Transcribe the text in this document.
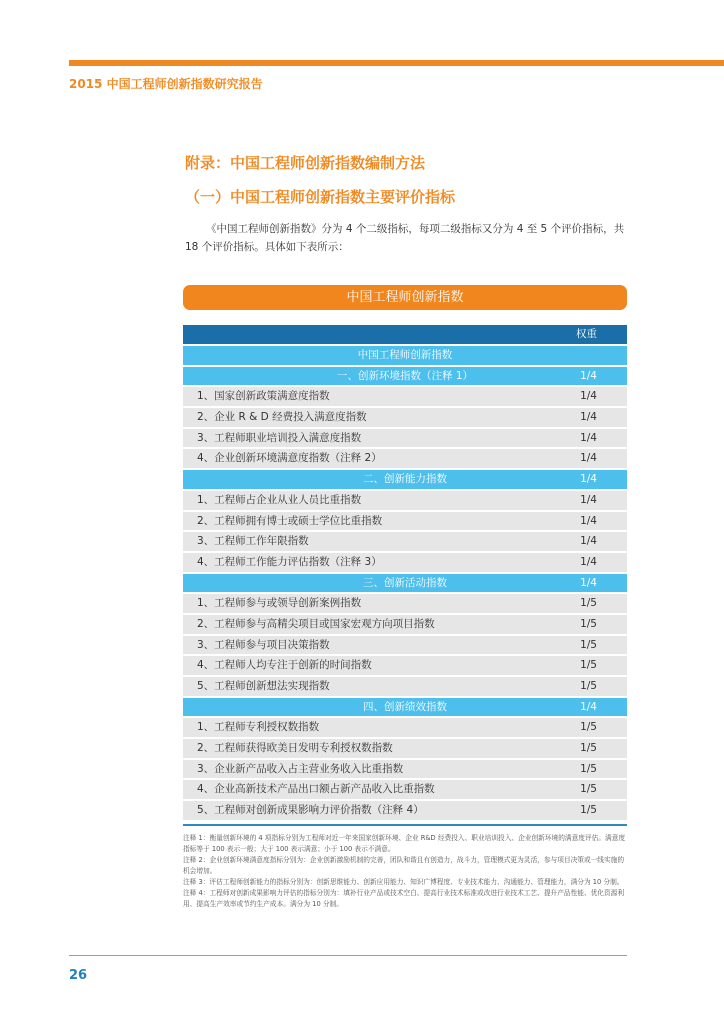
2015 中国工程师创新指数研究报告
附录：中国工程师创新指数编制方法
（一）中国工程师创新指数主要评价指标
《中国工程师创新指数》分为 4 个二级指标，每项二级指标又分为 4 至 5 个评价指标，共 18 个评价指标。具体如下表所示：
中国工程师创新指数
权重
中国工程师创新指数
一、创新环境指数（注释 1）	1/4
1、国家创新政策满意度指数	1/4
2、企业 R & D 经费投入满意度指数	1/4
3、工程师职业培训投入满意度指数	1/4
4、企业创新环境满意度指数（注释 2）	1/4
二、创新能力指数	1/4
1、工程师占企业从业人员比重指数	1/4
2、工程师拥有博士或硕士学位比重指数	1/4
3、工程师工作年限指数	1/4
4、工程师工作能力评估指数（注释 3）	1/4
三、创新活动指数	1/4
1、工程师参与或领导创新案例指数	1/5
2、工程师参与高精尖项目或国家宏观方向项目指数	1/5
3、工程师参与项目决策指数	1/5
4、工程师人均专注于创新的时间指数	1/5
5、工程师创新想法实现指数	1/5
四、创新绩效指数	1/4
1、工程师专利授权数指数	1/5
2、工程师获得欧美日发明专利授权数指数	1/5
3、企业新产品收入占主营业务收入比重指数	1/5
4、企业高新技术产品出口额占新产品收入比重指数	1/5
5、工程师对创新成果影响力评价指数（注释 4）	1/5
注释 1：衡量创新环境的 4 项指标分别为工程师对近一年来国家创新环境、企业 R&D 经费投入、职业培训投入、企业创新环境的满意度评估。满意度指标等于 100 表示一般；大于 100 表示满意；小于 100 表示不满意。
注释 2：企业创新环境满意度指标分别为：企业创新激励机制的完善，团队和谐且有创造力，战斗力，管理模式更为灵活，参与项目决策或一线实施的机会增加。
注释 3：评估工程师创新能力的指标分别为：创新思维能力、创新应用能力、知识广博程度、专业技术能力、沟通能力、管理能力，满分为 10 分制。
注释 4：工程师对创新成果影响力评估的指标分别为：填补行业产品或技术空白、提高行业技术标准或改进行业技术工艺、提升产品性能、优化资源利用、提高生产效率或节约生产成本。满分为 10 分制。
26
